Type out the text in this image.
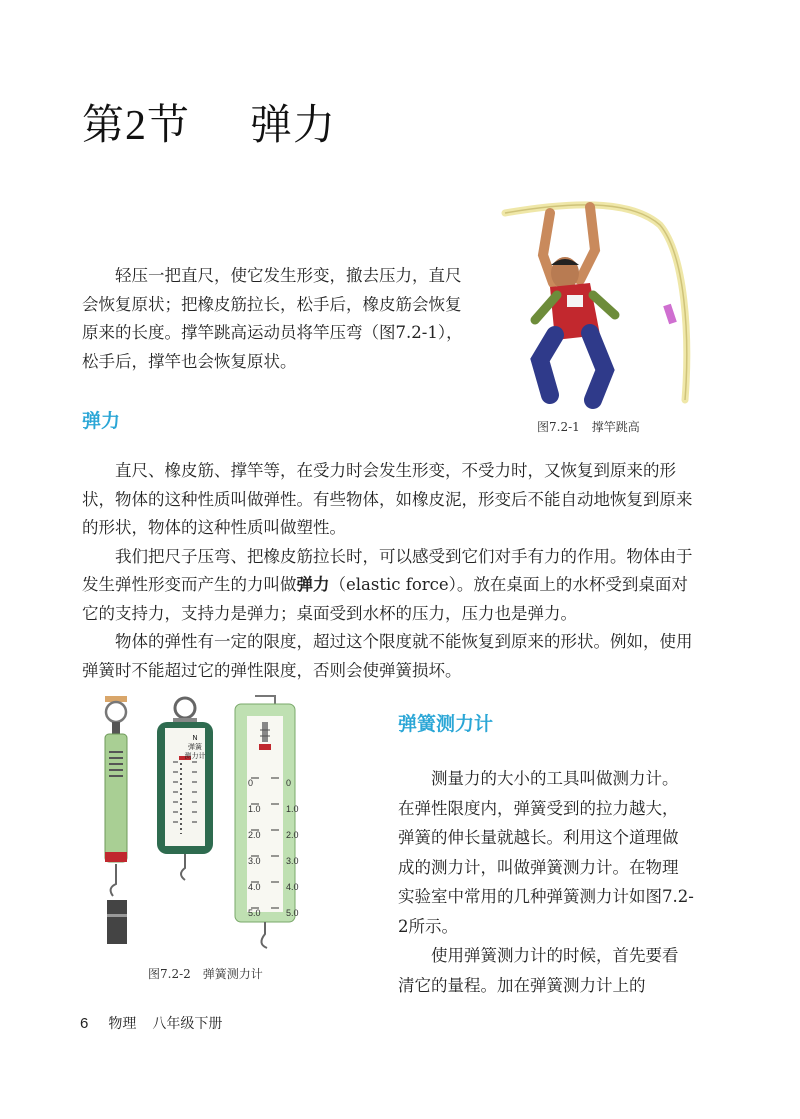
第2节 弹力

轻压一把直尺，使它发生形变，撤去压力，直尺会恢复原状；把橡皮筋拉长，松手后，橡皮筋会恢复原来的长度。撑竿跳高运动员将竿压弯（图7.2-1），松手后，撑竿也会恢复原状。

图7.2-1 撑竿跳高
弹力

直尺、橡皮筋、撑竿等，在受力时会发生形变，不受力时，又恢复到原来的形状，物体的这种性质叫做弹性。有些物体，如橡皮泥，形变后不能自动地恢复到原来的形状，物体的这种性质叫做塑性。

我们把尺子压弯、把橡皮筋拉长时，可以感受到它们对手有力的作用。物体由于发生弹性形变而产生的力叫做弹力（elastic force）。放在桌面上的水杯受到桌面对它的支持力，支持力是弹力；桌面受到水杯的压力，压力也是弹力。

物体的弹性有一定的限度，超过这个限度就不能恢复到原来的形状。例如，使用弹簧时不能超过它的弹性限度，否则会使弹簧损坏。

N
弹簧
测力计
0
1.0
2.0
3.0
4.0
5.0
0
1.0
2.0
3.0
4.0
5.0
图7.2-2 弹簧测力计
弹簧测力计

测量力的大小的工具叫做测力计。在弹性限度内，弹簧受到的拉力越大，弹簧的伸长量就越长。利用这个道理做成的测力计，叫做弹簧测力计。在物理实验室中常用的几种弹簧测力计如图7.2-2所示。

使用弹簧测力计的时候，首先要看清它的量程。加在弹簧测力计上的

6 物理 八年级下册
